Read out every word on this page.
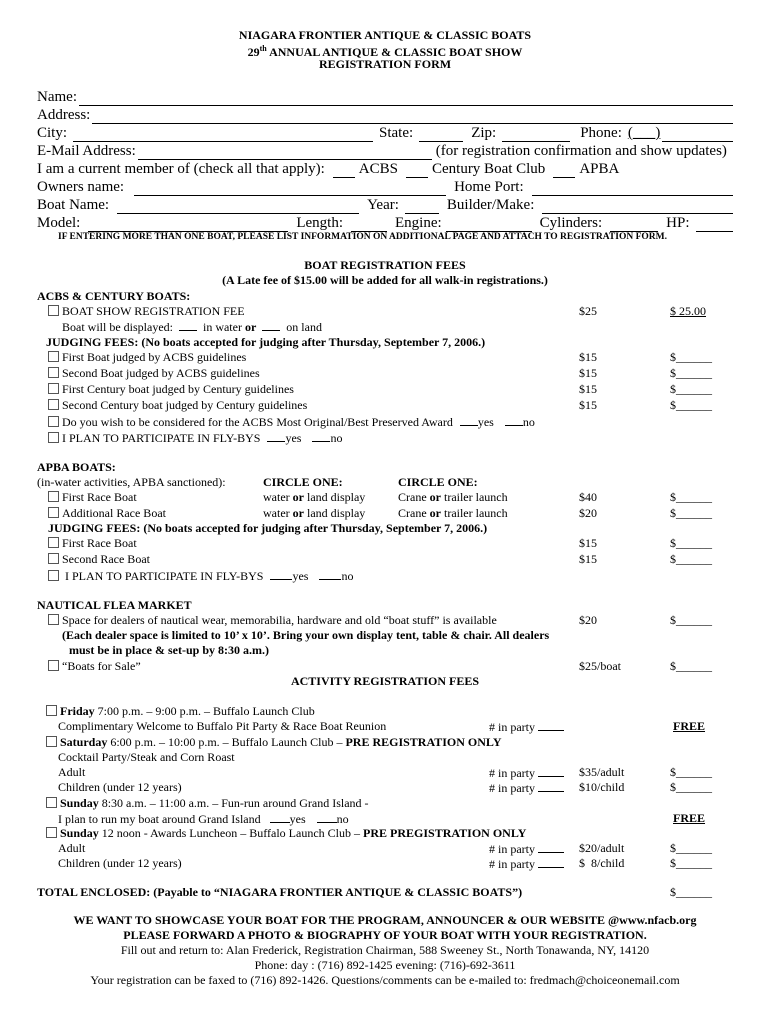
NIAGARA FRONTIER ANTIQUE & CLASSIC BOATS
29th ANNUAL ANTIQUE & CLASSIC BOAT SHOW
REGISTRATION FORM
Name:
Address:
City:	State:	Zip:	Phone: (___)
E-Mail Address:	(for registration confirmation and show updates)
I am a current member of (check all that apply): ACBS Century Boat Club APBA
Owners name:	Home Port:
Boat Name:	Year:	Builder/Make:
Model:	Length:	Engine:	Cylinders:	HP:
IF ENTERING MORE THAN ONE BOAT, PLEASE LIST INFORMATION ON ADDITIONAL PAGE AND ATTACH TO REGISTRATION FORM.
BOAT REGISTRATION FEES
(A Late fee of $15.00 will be added for all walk-in registrations.)
ACBS & CENTURY BOATS:
BOAT SHOW REGISTRATION FEE	$25	$ 25.00
Boat will be displayed:	in water or	on land
JUDGING FEES: (No boats accepted for judging after Thursday, September 7, 2006.)
First Boat judged by ACBS guidelines	$15	$______
Second Boat judged by ACBS guidelines	$15	$______
First Century boat judged by Century guidelines	$15	$______
Second Century boat judged by Century guidelines	$15	$______
Do you wish to be considered for the ACBS Most Original/Best Preserved Award yes no
I PLAN TO PARTICIPATE IN FLY-BYS yes no
APBA BOATS:
(in-water activities, APBA sanctioned):	CIRCLE ONE:	CIRCLE ONE:
First Race Boat	water or land display	Crane or trailer launch	$40	$______
Additional Race Boat	water or land display	Crane or trailer launch	$20	$______
JUDGING FEES: (No boats accepted for judging after Thursday, September 7, 2006.)
First Race Boat	$15	$______
Second Race Boat	$15	$______
I PLAN TO PARTICIPATE IN FLY-BYS yes	no
NAUTICAL FLEA MARKET
Space for dealers of nautical wear, memorabilia, hardware and old “boat stuff” is available	$20	$______
(Each dealer space is limited to 10’ x 10’. Bring your own display tent, table & chair. All dealers
must be in place & set-up by 8:30 a.m.)
“Boats for Sale”	$25/boat	$______
ACTIVITY REGISTRATION FEES
Friday 7:00 p.m. – 9:00 p.m. – Buffalo Launch Club
Complimentary Welcome to Buffalo Pit Party & Race Boat Reunion	# in party	FREE
Saturday 6:00 p.m. – 10:00 p.m. – Buffalo Launch Club – PRE REGISTRATION ONLY
Cocktail Party/Steak and Corn Roast
Adult	# in party	$35/adult	$______
Children (under 12 years)	# in party	$10/child	$______
Sunday 8:30 a.m. – 11:00 a.m. – Fun-run around Grand Island -
I plan to run my boat around Grand Island yes	no	FREE
Sunday 12 noon - Awards Luncheon – Buffalo Launch Club – PRE PREGISTRATION ONLY
Adult	# in party	$20/adult	$______
Children (under 12 years)	# in party	$  8/child	$______
TOTAL ENCLOSED: (Payable to “NIAGARA FRONTIER ANTIQUE & CLASSIC BOATS”)	$______
WE WANT TO SHOWCASE YOUR BOAT FOR THE PROGRAM, ANNOUNCER & OUR WEBSITE @www.nfacb.org
PLEASE FORWARD A PHOTO & BIOGRAPHY OF YOUR BOAT WITH YOUR REGISTRATION.
Fill out and return to: Alan Frederick, Registration Chairman, 588 Sweeney St., North Tonawanda, NY, 14120
Phone: day : (716) 892-1425 evening: (716)-692-3611
Your registration can be faxed to (716) 892-1426. Questions/comments can be e-mailed to: fredmach@choiceonemail.com
